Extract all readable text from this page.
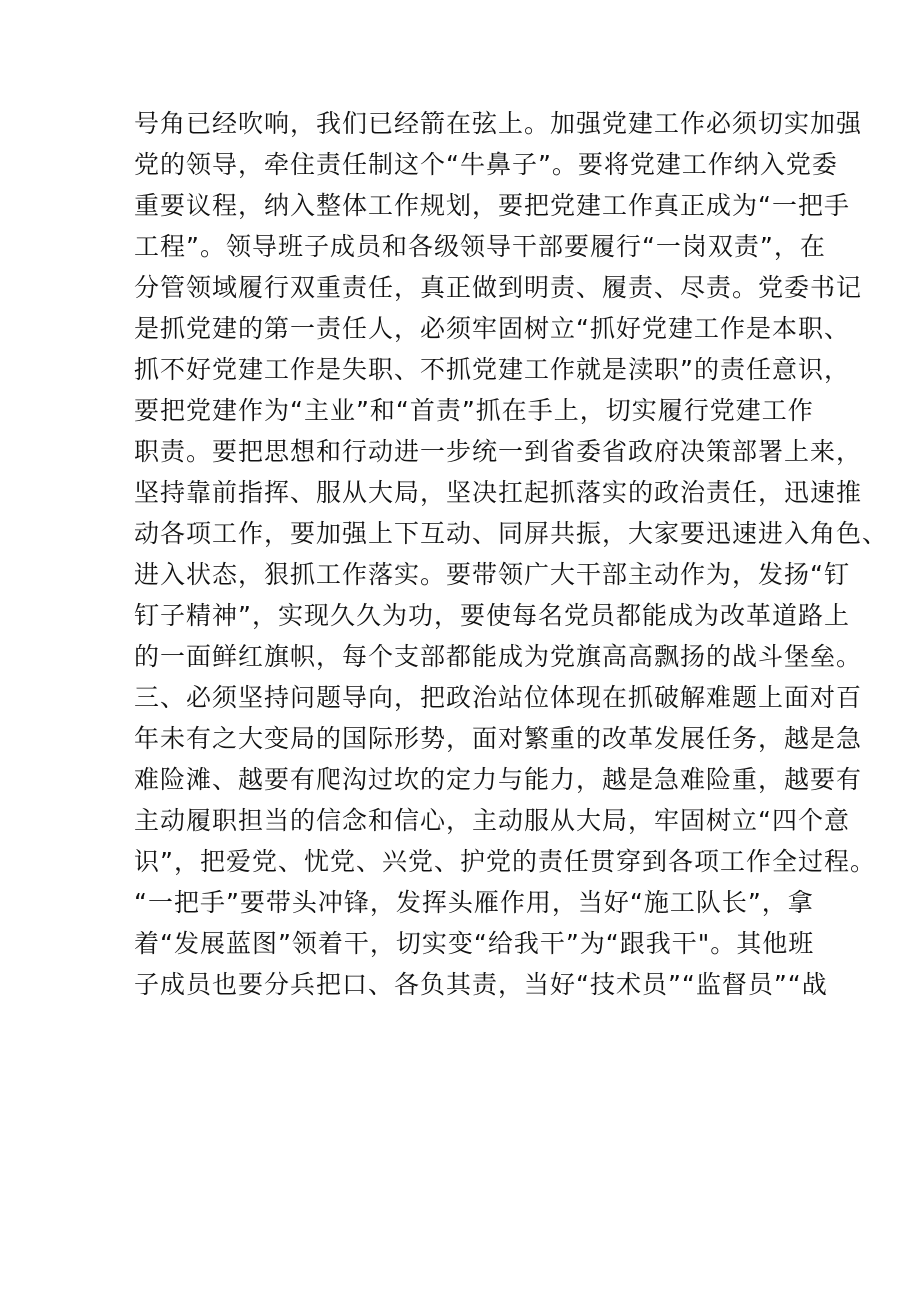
号角已经吹响，我们已经箭在弦上。加强党建工作必须切实加强
党的领导，牵住责任制这个“牛鼻子”。要将党建工作纳入党委
重要议程，纳入整体工作规划，要把党建工作真正成为“一把手
工程”。领导班子成员和各级领导干部要履行“一岗双责”，在
分管领域履行双重责任，真正做到明责、履责、尽责。党委书记
是抓党建的第一责任人，必须牢固树立“抓好党建工作是本职、
抓不好党建工作是失职、不抓党建工作就是渎职”的责任意识，
要把党建作为“主业”和“首责”抓在手上，切实履行党建工作
职责。要把思想和行动进一步统一到省委省政府决策部署上来，
坚持靠前指挥、服从大局，坚决扛起抓落实的政治责任，迅速推
动各项工作，要加强上下互动、同屏共振，大家要迅速进入角色、
进入状态，狠抓工作落实。要带领广大干部主动作为，发扬“钉
钉子精神”，实现久久为功，要使每名党员都能成为改革道路上
的一面鲜红旗帜，每个支部都能成为党旗高高飘扬的战斗堡垒。
三、必须坚持问题导向，把政治站位体现在抓破解难题上面对百
年未有之大变局的国际形势，面对繁重的改革发展任务，越是急
难险滩、越要有爬沟过坎的定力与能力，越是急难险重，越要有
主动履职担当的信念和信心，主动服从大局，牢固树立“四个意
识”，把爱党、忧党、兴党、护党的责任贯穿到各项工作全过程。
“一把手”要带头冲锋，发挥头雁作用，当好“施工队长”，拿
着“发展蓝图”领着干，切实变“给我干”为“跟我干"。其他班
子成员也要分兵把口、各负其责，当好“技术员”“监督员”“战
